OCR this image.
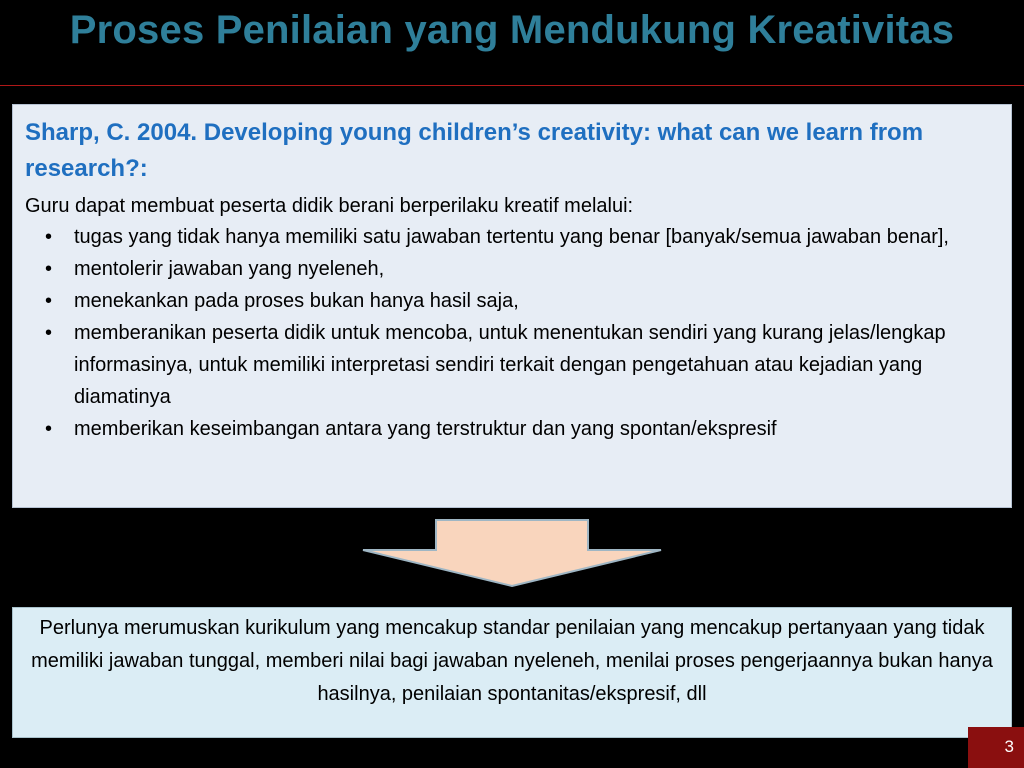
Proses Penilaian yang Mendukung Kreativitas

Sharp, C. 2004. Developing young children’s creativity: what can we learn from research?:

Guru dapat membuat peserta didik berani berperilaku kreatif melalui:

• tugas yang tidak hanya memiliki satu jawaban tertentu yang benar [banyak/semua jawaban benar],
• mentolerir jawaban yang nyeleneh,
• menekankan pada proses bukan hanya hasil saja,
• memberanikan peserta didik untuk mencoba, untuk menentukan sendiri yang kurang jelas/lengkap informasinya, untuk memiliki interpretasi sendiri terkait dengan pengetahuan atau kejadian yang diamatinya
• memberikan keseimbangan antara yang terstruktur dan yang spontan/ekspresif
Perlunya merumuskan kurikulum yang mencakup standar penilaian yang mencakup pertanyaan yang tidak memiliki jawaban tunggal, memberi nilai bagi jawaban nyeleneh, menilai proses pengerjaannya bukan hanya hasilnya, penilaian spontanitas/ekspresif, dll
3
